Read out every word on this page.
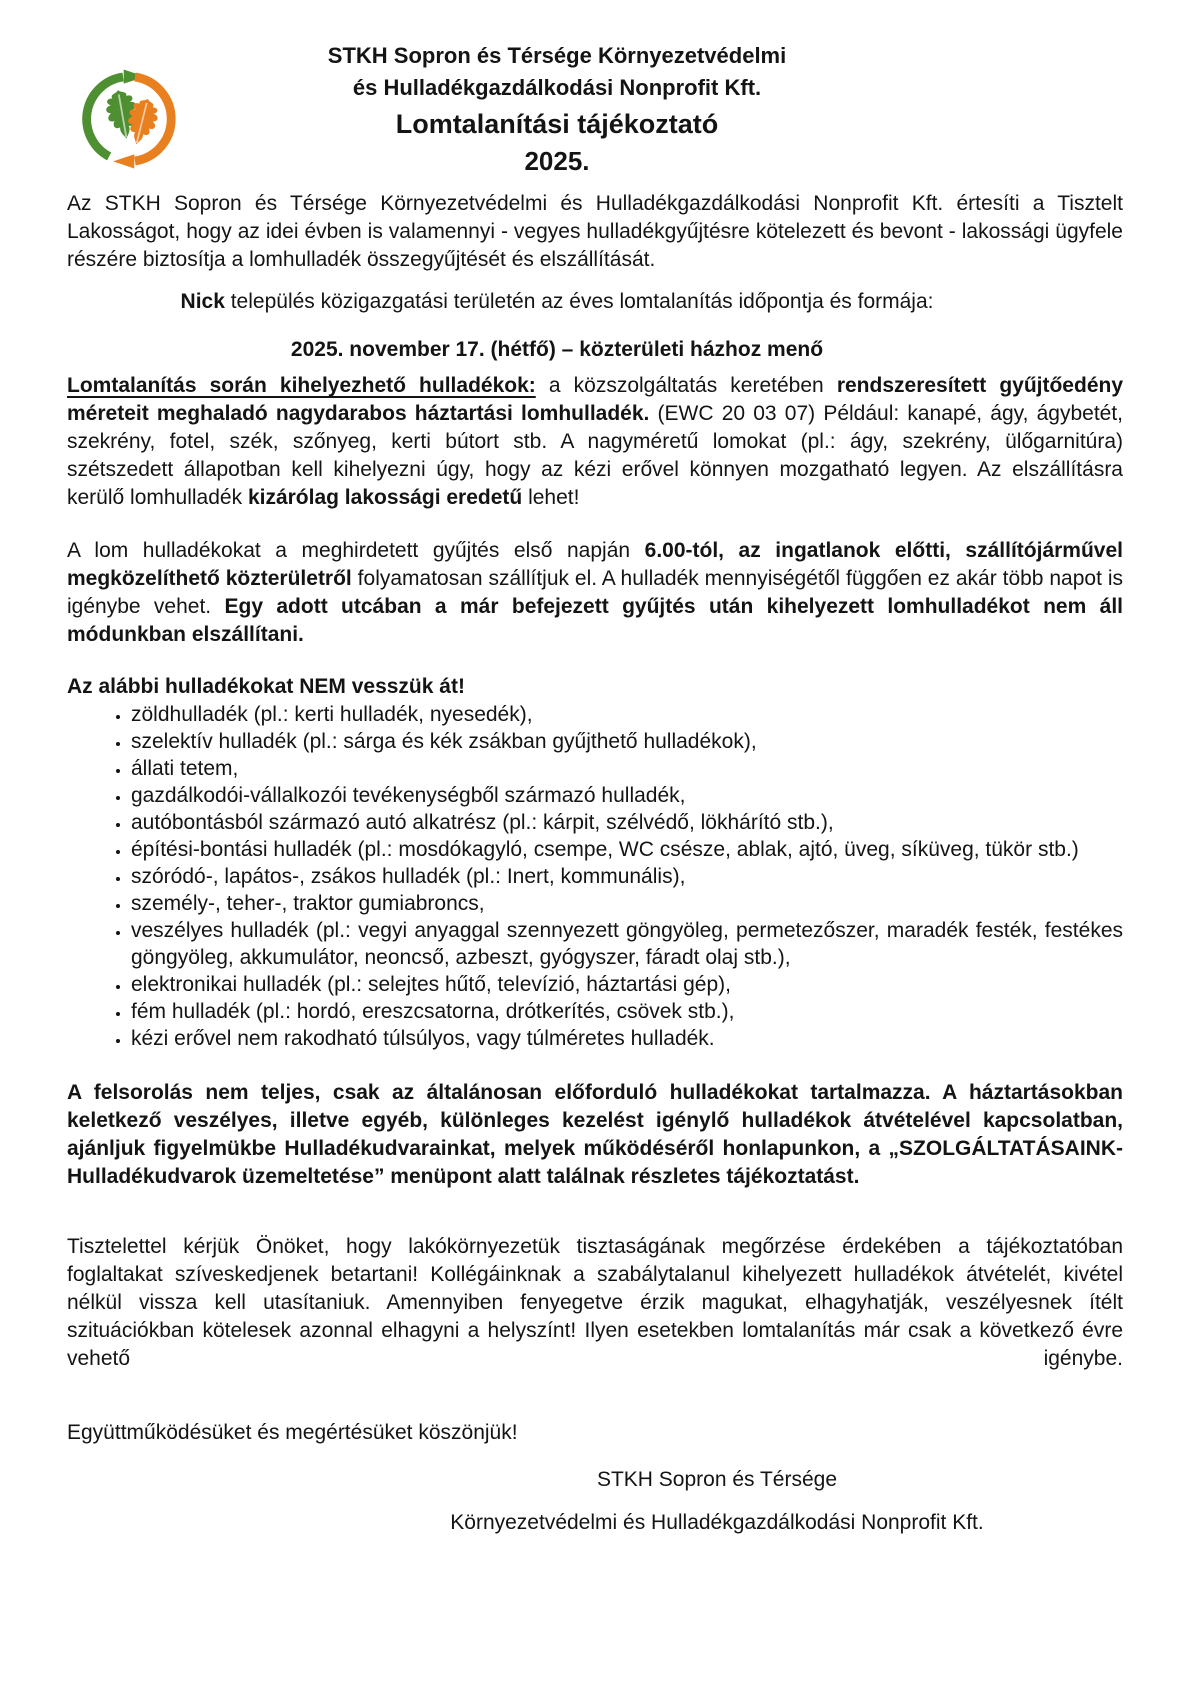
STKH Sopron és Térsége Környezetvédelmi
és Hulladékgazdálkodási Nonprofit Kft.
Lomtalanítási tájékoztató
2025.

Az STKH Sopron és Térsége Környezetvédelmi és Hulladékgazdálkodási Nonprofit Kft. értesíti a Tisztelt Lakosságot, hogy az idei évben is valamennyi - vegyes hulladékgyűjtésre kötelezett és bevont - lakossági ügyfele részére biztosítja a lomhulladék összegyűjtését és elszállítását.

Nick település közigazgatási területén az éves lomtalanítás időpontja és formája:

2025. november 17. (hétfő) – közterületi házhoz menő

Lomtalanítás során kihelyezhető hulladékok: a közszolgáltatás keretében rendszeresített gyűjtőedény méreteit meghaladó nagydarabos háztartási lomhulladék. (EWC 20 03 07) Például: kanapé, ágy, ágybetét, szekrény, fotel, szék, szőnyeg, kerti bútort stb. A nagyméretű lomokat (pl.: ágy, szekrény, ülőgarnitúra) szétszedett állapotban kell kihelyezni úgy, hogy az kézi erővel könnyen mozgatható legyen. Az elszállításra kerülő lomhulladék kizárólag lakossági eredetű lehet!

A lom hulladékokat a meghirdetett gyűjtés első napján 6.00-tól, az ingatlanok előtti, szállítójárművel megközelíthető közterületről folyamatosan szállítjuk el. A hulladék mennyiségétől függően ez akár több napot is igénybe vehet. Egy adott utcában a már befejezett gyűjtés után kihelyezett lomhulladékot nem áll módunkban elszállítani.

Az alábbi hulladékokat NEM vesszük át!

• zöldhulladék (pl.: kerti hulladék, nyesedék),
• szelektív hulladék (pl.: sárga és kék zsákban gyűjthető hulladékok),
• állati tetem,
• gazdálkodói-vállalkozói tevékenységből származó hulladék,
• autóbontásból származó autó alkatrész (pl.: kárpit, szélvédő, lökhárító stb.),
• építési-bontási hulladék (pl.: mosdókagyló, csempe, WC csésze, ablak, ajtó, üveg, síküveg, tükör stb.)
• szóródó-, lapátos-, zsákos hulladék (pl.: Inert, kommunális),
• személy-, teher-, traktor gumiabroncs,
• veszélyes hulladék (pl.: vegyi anyaggal szennyezett göngyöleg, permetezőszer, maradék festék, festékes göngyöleg, akkumulátor, neoncső, azbeszt, gyógyszer, fáradt olaj stb.),
• elektronikai hulladék (pl.: selejtes hűtő, televízió, háztartási gép),
• fém hulladék (pl.: hordó, ereszcsatorna, drótkerítés, csövek stb.),
• kézi erővel nem rakodható túlsúlyos, vagy túlméretes hulladék.

A felsorolás nem teljes, csak az általánosan előforduló hulladékokat tartalmazza. A háztartásokban keletkező veszélyes, illetve egyéb, különleges kezelést igénylő hulladékok átvételével kapcsolatban, ajánljuk figyelmükbe Hulladékudvarainkat, melyek működéséről honlapunkon, a „SZOLGÁLTATÁSAINK-Hulladékudvarok üzemeltetése” menüpont alatt találnak részletes tájékoztatást.

Tisztelettel kérjük Önöket, hogy lakókörnyezetük tisztaságának megőrzése érdekében a tájékoztatóban foglaltakat szíveskedjenek betartani! Kollégáinknak a szabálytalanul kihelyezett hulladékok átvételét, kivétel nélkül vissza kell utasítaniuk. Amennyiben fenyegetve érzik magukat, elhagyhatják, veszélyesnek ítélt szituációkban kötelesek azonnal elhagyni a helyszínt! Ilyen esetekben lomtalanítás már csak a következő évre vehető igénybe.

Együttműködésüket és megértésüket köszönjük!

STKH Sopron és Térsége
Környezetvédelmi és Hulladékgazdálkodási Nonprofit Kft.
